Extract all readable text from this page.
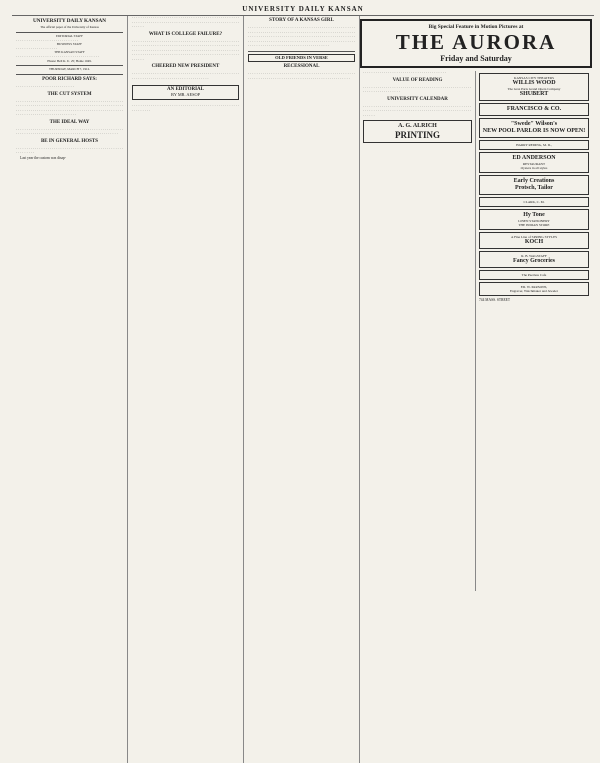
UNIVERSITY DAILY KANSAN
UNIVERSITY DAILY KANSAN
The official paper of the University of Kansas
EDITORIAL STAFF
· · · · · · · · · · · · · · · · · · · · · · · · · · · · · ·
BUSINESS STAFF
· · · · · · · · · · · · · · · · · · · ·
THE KANSAN STAFF
· · · · · · · · · · · · · · · · · · · · · · · · · · · · · · · · · · · · · · · ·
Phone: Bell K. U. 25; Home 1049.
THURSDAY, MARCH 7, 1912.
POOR RICHARD SAYS:
· · · · · · · · · · · · · · · · · · · · · · · · · · · ·
THE CUT SYSTEM
· · · · · · · · · · · · · · · · · · · · · · · · · · · · · · · · · · · · · · · · · · · · · · · · · · · · · · · · · · · · · · · · · · · · · · · · · · · · · · · · · · · · · · · · · · · · · · · · · · · · · · · · · · · · · · · · · · · · · · · · · · · · · · · · · · · · · · · · · · · · · · · · · · · · · · · · · · · · · · · · · · · · · · · · · · · · · · · · · · · · · ·
THE IDEAL WAY
· · · · · · · · · · · · · · · · · · · · · · · · · · · · · · · · · · · · · · · · · · · · · · · · · · · · · · · · · · · · · · · · · · · · · · · · · · · · · · · · · · · · · · · · · · · · · · · · · · · ·
BE IN GENERAL HOSTS
· · · · · · · · · · · · · · · · · · · · · · · · · · · · · · · · · · · · · · · · · · · · · · · · · · · · · · · · · · · ·

Last year the custom was disap-

· · · · · · · · · · · · · · · · · · · · · · · · · · · · · · · · · · · · · · · · · · · · · · · · · · · · · · · · · · · · · · · · · · · · · · · · · · · · · · · · · · · · · · · · · · · · · · · · · · · · · · · · · · · ·
WHAT IS COLLEGE FAILURE?
· · · · · · · · · · · · · · · · · · · · · · · · · · · · · · · · · · · · · · · · · · · · · · · · · · · · · · · · · · · · · · · · · · · · · · · · · · · · · · · · · · · · · · · · · · · · · · · · · · · · · · · · · · · · · · · · · · · · · · · · · · · · · · · · · · · · · · · · · · · · · · · · · · · · · · · · · · · · · · · · · · · · · · · · · · · · · · · · · · · · · · · · · · · · · · · · · · · · · · · · · · · · · · · · · ·
CHEERED NEW PRESIDENT
· · · · · · · · · · · · · · · · · · · · · · · · · · · · · · · · · · · · · · · · · · · · · · · · · · · · · · · · · · · · · · · · · · · · · · · · · · · · · · · · · · · · · · · ·
AN EDITORIAL
BY MR. AESOP
· · · · · · · · · · · · · · · · · · · · · · · · · · · · · · · · · · · · · · · · · · · · · · · · · · · · · · · · · · · ·
STORY OF A KANSAS GIRL
· · · · · · · · · · · · · · · · · · · · · · · · · · · · · · · · · · · · · · · · · · · · · · · · · · · · · · · · · · · · · · · · · · · · · · · · · · · · · · · · · · · · · · · · · · · · · · · · · · · · · · · · · · · · · · · · · · · · · · · · · · · · · · · · · · · · · · · · · · · · · · · · · · · · · · · · · · · · · · · · · · · · · · · · · · · · · · · · · · · · · · · · · · · · · · · · · · · · · · · · · · · · · · · · · · · · · · · · · · · · · · · · · · · · · · · · · · · · · · · · · · ·
OLD FRIENDS IN VERSE
RECESSIONAL
· · · · · · · · · · · · · · · · · · · · · · · · · · · · · · · · · · · · · · · · · · · · · · · · · · · · · · · · · · · · · · · · · · · · · · · · · · · · · · · · · · · · · · · · · · · · · · · · · · · ·
Big Special Feature in Motion Pictures at
THE AURORA
Friday and Saturday
· · · · · · · · · · · · · · · · · · · · · · · · · · · · · · · · · · · · · · · ·
VALUE OF READING
· · · · · · · · · · · · · · · · · · · · · · · · · · · · · · · · · · · · · · · · · · · · · · · · · · · · · · · · · · · · · · · · · · · · · ·
UNIVERSITY CALENDAR
· · · · · · · · · · · · · · · · · · · · · · · · · · · · · · · · · · · · · · · · · · · · · · · · · · · · · · · · · · · · · · · · · · · · · · · · · · · · · · · · · · · · · · · · · · · · · · · · · · · · · · · · · · · · · ·
A. G. ALRICH
PRINTING
KANSAS CITY THEATERS
WILLIS WOOD
The Graz Paris Grand Opera Company
SHUBERT
FRANCISCO & CO.
"Swede" Wilson's
NEW POOL PARLOR IS NOW OPEN!
HARRY REDING, M. D.,
ED ANDERSON
RESTAURANT
Oysters in all styles
Early Creations
Protsch, Tailor
CLARK, C. M.
Hy Tone
LINEN STATIONERY
THE INDIAN STORE
A Fine Line of SPRING STYLES
KOCH
R. B. WAGSTAFF
Fancy Groceries
The Peerless Cafe
ED. W. PARSONS,
Engraver, Watchmaker and Jeweler
744 MASS. STREET
